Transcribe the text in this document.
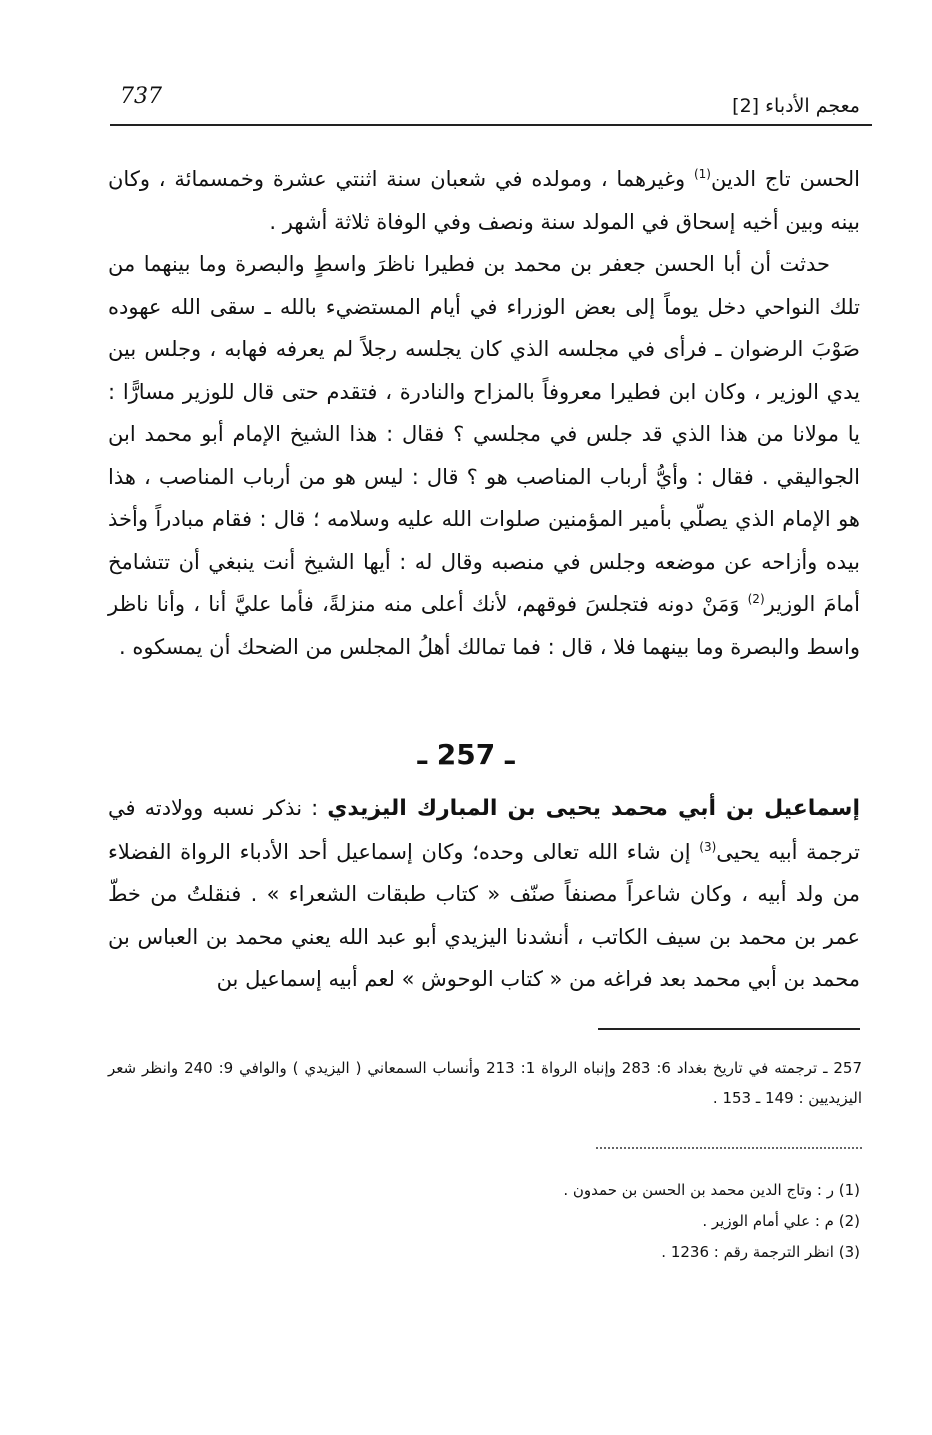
737	معجم الأدباء [2]

الحسن تاج الدين$^{(1)}$ وغيرهما ، ومولده في شعبان سنة اثنتي عشرة وخمسمائة ، وكان بينه وبين أخيه إسحاق في المولد سنة ونصف وفي الوفاة ثلاثة أشهر .

حدثت أن أبا الحسن جعفر بن محمد بن فطيرا ناظرَ واسطٍ والبصرة وما بينهما من تلك النواحي دخل يوماً إلى بعض الوزراء في أيام المستضيء بالله ـ سقى الله عهوده صَوْبَ الرضوان ـ فرأى في مجلسه الذي كان يجلسه رجلاً لم يعرفه فهابه ، وجلس بين يدي الوزير ، وكان ابن فطيرا معروفاً بالمزاح والنادرة ، فتقدم حتى قال للوزير مسارًّا : يا مولانا من هذا الذي قد جلس في مجلسي ؟ فقال : هذا الشيخ الإمام أبو محمد ابن الجواليقي . فقال : وأيُّ أرباب المناصب هو ؟ قال : ليس هو من أرباب المناصب ، هذا هو الإمام الذي يصلّي بأمير المؤمنين صلوات الله عليه وسلامه ؛ قال : فقام مبادراً وأخذ بيده وأزاحه عن موضعه وجلس في منصبه وقال له : أيها الشيخ أنت ينبغي أن تتشامخ أمامَ الوزير$^{(2)}$ وَمَنْ دونه فتجلسَ فوقهم، لأنك أعلى منه منزلةً، فأما عليَّ أنا ، وأنا ناظر واسط والبصرة وما بينهما فلا ، قال : فما تمالك أهلُ المجلس من الضحك أن يمسكوه .

ـ 257 ـ

إسماعيل بن أبي محمد يحيى بن المبارك اليزيدي : نذكر نسبه وولادته في ترجمة أبيه يحيى$^{(3)}$ إن شاء الله تعالى وحده؛ وكان إسماعيل أحد الأدباء الرواة الفضلاء من ولد أبيه ، وكان شاعراً مصنفاً صنّف « كتاب طبقات الشعراء » . فنقلتُ من خطّ عمر بن محمد بن سيف الكاتب ، أنشدنا اليزيدي أبو عبد الله يعني محمد بن العباس بن محمد بن أبي محمد بعد فراغه من « كتاب الوحوش » لعم أبيه إسماعيل بن

257 ـ ترجمته في تاريخ بغداد 6: 283 وإنباه الرواة 1: 213 وأنساب السمعاني ( اليزيدي ) والوافي 9: 240 وانظر شعر اليزيديين : 149 ـ 153 .

(1) ر : وتاج الدين محمد بن الحسن بن حمدون .

(2) م : علي أمام الوزير .

(3) انظر الترجمة رقم : 1236 .
